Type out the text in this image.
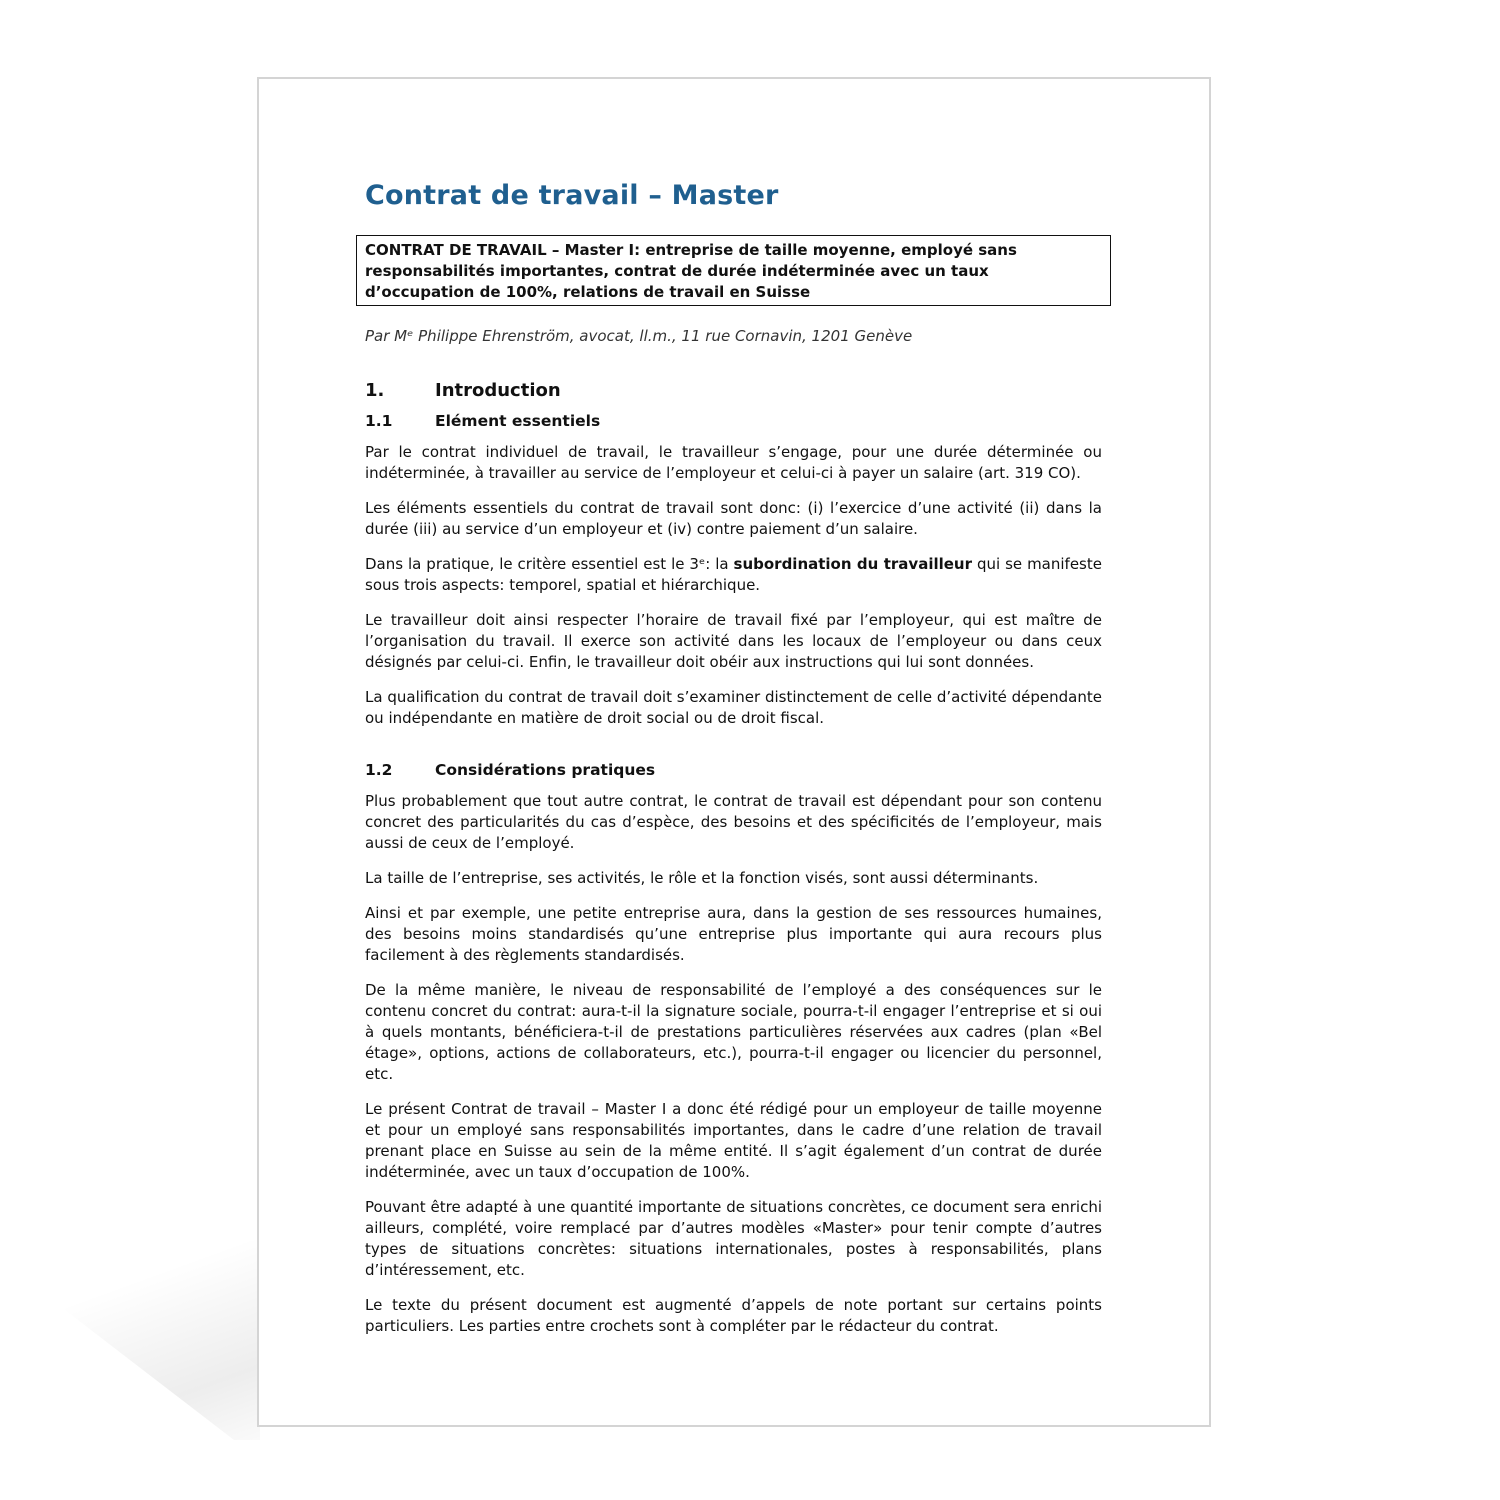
Contrat de travail – Master
CONTRAT DE TRAVAIL – Master I: entreprise de taille moyenne, employé sans responsabilités importantes, contrat de durée indéterminée avec un taux d’occupation de 100%, relations de travail en Suisse
Par Mᵉ Philippe Ehrenström, avocat, ll.m., 11 rue Cornavin, 1201 Genève
1.	Introduction
1.1	Elément essentiels

Par le contrat individuel de travail, le travailleur s’engage, pour une durée déterminée ou indéterminée, à travailler au service de l’employeur et celui-ci à payer un salaire (art. 319 CO).

Les éléments essentiels du contrat de travail sont donc: (i) l’exercice d’une activité (ii) dans la durée (iii) au service d’un employeur et (iv) contre paiement d’un salaire.

Dans la pratique, le critère essentiel est le 3ᵉ: la subordination du travailleur qui se manifeste sous trois aspects: temporel, spatial et hiérarchique.

Le travailleur doit ainsi respecter l’horaire de travail fixé par l’employeur, qui est maître de l’organisation du travail. Il exerce son activité dans les locaux de l’employeur ou dans ceux désignés par celui-ci. Enfin, le travailleur doit obéir aux instructions qui lui sont données.

La qualification du contrat de travail doit s’examiner distinctement de celle d’activité dépendante ou indépendante en matière de droit social ou de droit fiscal.

1.2	Considérations pratiques

Plus probablement que tout autre contrat, le contrat de travail est dépendant pour son contenu concret des particularités du cas d’espèce, des besoins et des spécificités de l’employeur, mais aussi de ceux de l’employé.

La taille de l’entreprise, ses activités, le rôle et la fonction visés, sont aussi déterminants.

Ainsi et par exemple, une petite entreprise aura, dans la gestion de ses ressources humaines, des besoins moins standardisés qu’une entreprise plus importante qui aura recours plus facilement à des règlements standardisés.

De la même manière, le niveau de responsabilité de l’employé a des conséquences sur le contenu concret du contrat: aura-t-il la signature sociale, pourra-t-il engager l’entreprise et si oui à quels montants, bénéficiera-t-il de prestations particulières réservées aux cadres (plan «Bel étage», options, actions de collaborateurs, etc.), pourra-t-il engager ou licencier du personnel, etc.

Le présent Contrat de travail – Master I a donc été rédigé pour un employeur de taille moyenne et pour un employé sans responsabilités importantes, dans le cadre d’une relation de travail prenant place en Suisse au sein de la même entité. Il s’agit également d’un contrat de durée indéterminée, avec un taux d’occupation de 100%.

Pouvant être adapté à une quantité importante de situations concrètes, ce document sera enrichi ailleurs, complété, voire remplacé par d’autres modèles «Master» pour tenir compte d’autres types de situations concrètes: situations internationales, postes à responsabilités, plans d’intéressement, etc.

Le texte du présent document est augmenté d’appels de note portant sur certains points particuliers. Les parties entre crochets sont à compléter par le rédacteur du contrat.
